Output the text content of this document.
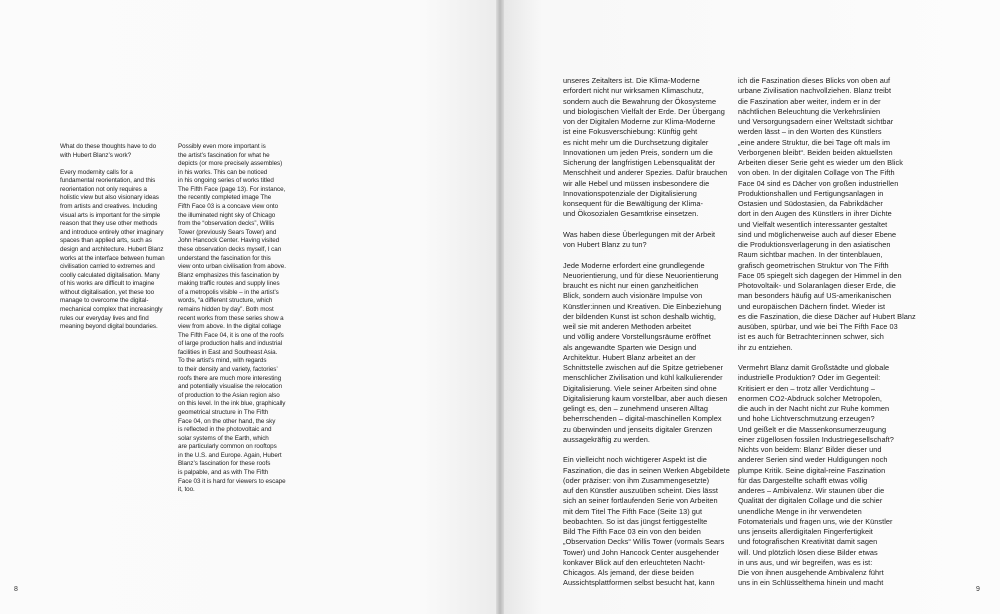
What do these thoughts have to do

with Hubert Blanz’s work?

Every modernity calls for a

fundamental reorientation, and this

reorientation not only requires a

holistic view but also visionary ideas

from artists and creatives. Including

visual arts is important for the simple

reason that they use other methods

and introduce entirely other imaginary

spaces than applied arts, such as

design and architecture. Hubert Blanz

works at the interface between human

civilisation carried to extremes and

coolly calculated digitalisation. Many

of his works are difficult to imagine

without digitalisation, yet these too

manage to overcome the digital-

mechanical complex that increasingly

rules our everyday lives and find

meaning beyond digital boundaries.

Possibly even more important is

the artist’s fascination for what he

depicts (or more precisely assembles)

in his works. This can be noticed

in his ongoing series of works titled

The Fifth Face (page 13). For instance,

the recently completed image The

Fifth Face 03 is a concave view onto

the illuminated night sky of Chicago

from the “observation decks”, Willis

Tower (previously Sears Tower) and

John Hancock Center. Having visited

these observation decks myself, I can

understand the fascination for this

view onto urban civilisation from above.

Blanz emphasizes this fascination by

making traffic routes and supply lines

of a metropolis visible – in the artist’s

words, “a different structure, which

remains hidden by day”. Both most

recent works from these series show a

view from above. In the digital collage

The Fifth Face 04, it is one of the roofs

of large production halls and industrial

facilities in East and Southeast Asia.

To the artist’s mind, with regards

to their density and variety, factories’

roofs there are much more interesting

and potentially visualise the relocation

of production to the Asian region also

on this level. In the ink blue, graphically

geometrical structure in The Fifth

Face 04, on the other hand, the sky

is reflected in the photovoltaic and

solar systems of the Earth, which

are particularly common on rooftops

in the U.S. and Europe. Again, Hubert

Blanz’s fascination for these roofs

is palpable, and as with The Fifth

Face 03 it is hard for viewers to escape

it, too.

unseres Zeitalters ist. Die Klima-Moderne

erfordert nicht nur wirksamen Klimaschutz,

sondern auch die Bewahrung der Ökosysteme

und biologischen Vielfalt der Erde. Der Übergang

von der Digitalen Moderne zur Klima-Moderne

ist eine Fokusverschiebung: Künftig geht

es nicht mehr um die Durchsetzung digitaler

Innovationen um jeden Preis, sondern um die

Sicherung der langfristigen Lebensqualität der

Menschheit und anderer Spezies. Dafür brauchen

wir alle Hebel und müssen insbesondere die

Innovationspotenziale der Digitalisierung

konsequent für die Bewältigung der Klima-

und Ökosozialen Gesamtkrise einsetzen.

Was haben diese Überlegungen mit der Arbeit

von Hubert Blanz zu tun?

Jede Moderne erfordert eine grundlegende

Neuorientierung, und für diese Neuorientierung

braucht es nicht nur einen ganzheitlichen

Blick, sondern auch visionäre Impulse von

Künstler:innen und Kreativen. Die Einbeziehung

der bildenden Kunst ist schon deshalb wichtig,

weil sie mit anderen Methoden arbeitet

und völlig andere Vorstellungsräume eröffnet

als angewandte Sparten wie Design und

Architektur. Hubert Blanz arbeitet an der

Schnittstelle zwischen auf die Spitze getriebener

menschlicher Zivilisation und kühl kalkulierender

Digitalisierung. Viele seiner Arbeiten sind ohne

Digitalisierung kaum vorstellbar, aber auch diesen

gelingt es, den – zunehmend unseren Alltag

beherrschenden – digital-maschinellen Komplex

zu überwinden und jenseits digitaler Grenzen

aussagekräftig zu werden.

Ein vielleicht noch wichtigerer Aspekt ist die

Faszination, die das in seinen Werken Abgebildete

(oder präziser: von ihm Zusammengesetzte)

auf den Künstler auszuüben scheint. Dies lässt

sich an seiner fortlaufenden Serie von Arbeiten

mit dem Titel The Fifth Face (Seite 13) gut

beobachten. So ist das jüngst fertiggestellte

Bild The Fifth Face 03 ein von den beiden

„Observation Decks“ Willis Tower (vormals Sears

Tower) und John Hancock Center ausgehender

konkaver Blick auf den erleuchteten Nacht-

Chicagos. Als jemand, der diese beiden

Aussichtsplattformen selbst besucht hat, kann

ich die Faszination dieses Blicks von oben auf

urbane Zivilisation nachvollziehen. Blanz treibt

die Faszination aber weiter, indem er in der

nächtlichen Beleuchtung die Verkehrslinien

und Versorgungsadern einer Weltstadt sichtbar

werden lässt – in den Worten des Künstlers

„eine andere Struktur, die bei Tage oft mals im

Verborgenen bleibt“. Beiden beiden aktuellsten

Arbeiten dieser Serie geht es wieder um den Blick

von oben. In der digitalen Collage von The Fifth

Face 04 sind es Dächer von großen industriellen

Produktionshallen und Fertigungsanlagen in

Ostasien und Südostasien, da Fabrikdächer

dort in den Augen des Künstlers in ihrer Dichte

und Vielfalt wesentlich interessanter gestaltet

sind und möglicherweise auch auf dieser Ebene

die Produktionsverlagerung in den asiatischen

Raum sichtbar machen. In der tintenblauen,

grafisch geometrischen Struktur von The Fifth

Face 05 spiegelt sich dagegen der Himmel in den

Photovoltaik- und Solaranlagen dieser Erde, die

man besonders häufig auf US-amerikanischen

und europäischen Dächern findet. Wieder ist

es die Faszination, die diese Dächer auf Hubert Blanz

ausüben, spürbar, und wie bei The Fifth Face 03

ist es auch für Betrachter:innen schwer, sich

ihr zu entziehen.

Vermehrt Blanz damit Großstädte und globale

industrielle Produktion? Oder im Gegenteil:

Kritisiert er den – trotz aller Verdichtung –

enormen CO2-Abdruck solcher Metropolen,

die auch in der Nacht nicht zur Ruhe kommen

und hohe Lichtverschmutzung erzeugen?

Und geißelt er die Massenkonsumerzeugung

einer zügellosen fossilen Industriegesellschaft?

Nichts von beidem: Blanz’ Bilder dieser und

anderer Serien sind weder Huldigungen noch

plumpe Kritik. Seine digital-reine Faszination

für das Dargestellte schafft etwas völlig

anderes – Ambivalenz. Wir staunen über die

Qualität der digitalen Collage und die schier

unendliche Menge in ihr verwendeten

Fotomaterials und fragen uns, wie der Künstler

uns jenseits allerdigitalen Fingerfertigkeit

und fotografischen Kreativität damit sagen

will. Und plötzlich lösen diese Bilder etwas

in uns aus, und wir begreifen, was es ist:

Die von ihnen ausgehende Ambivalenz führt

uns in ein Schlüsselthema hinein und macht

8	9
